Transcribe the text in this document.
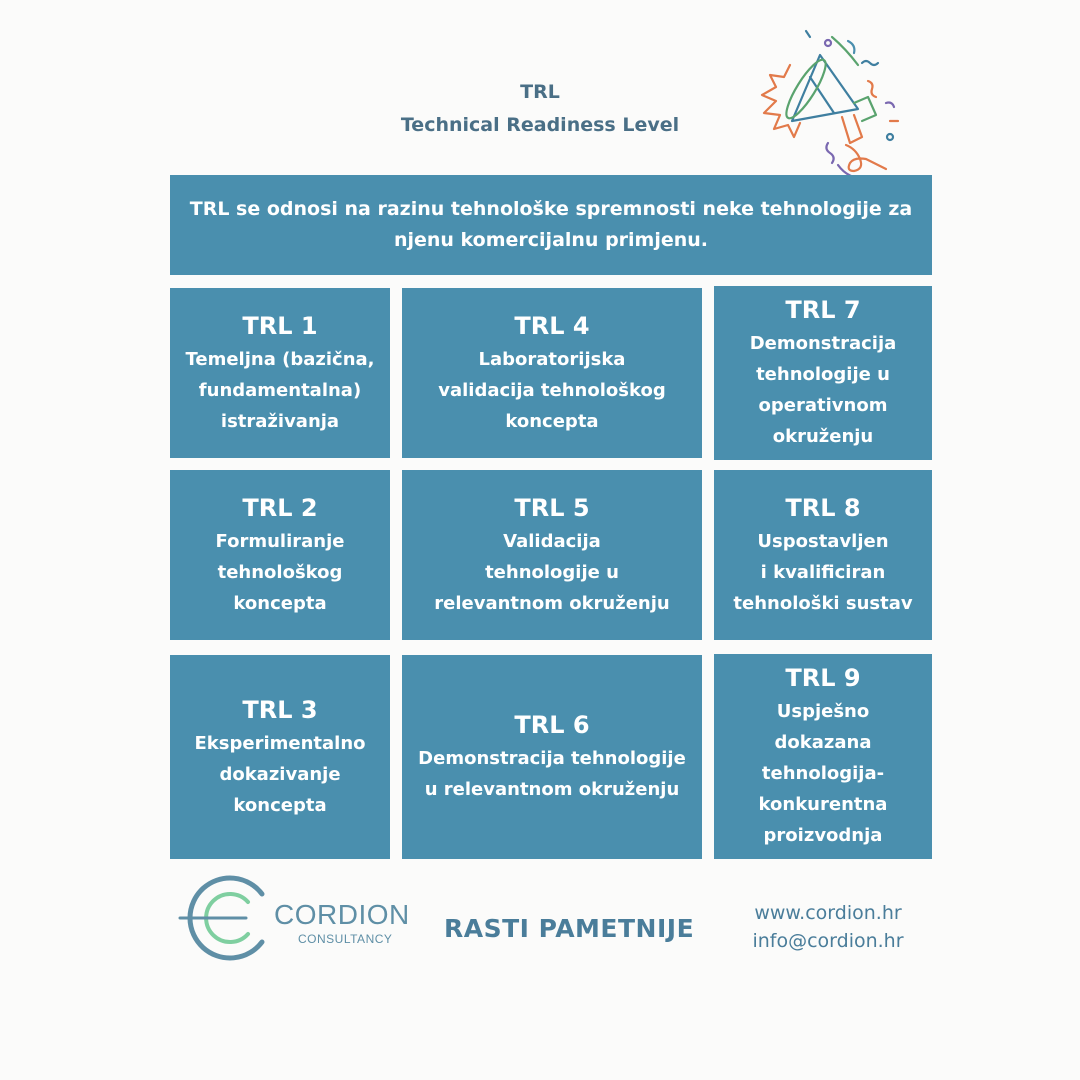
TRL
Technical Readiness Level
TRL se odnosi na razinu tehnološke spremnosti neke tehnologije za njenu komercijalnu primjenu.
TRL 1
Temeljna (bazična,
fundamentalna)
istraživanja
TRL 2
Formuliranje
tehnološkog
koncepta
TRL 3
Eksperimentalno
dokazivanje
koncepta
TRL 4
Laboratorijska
validacija tehnološkog
koncepta
TRL 5
Validacija
tehnologije u
relevantnom okruženju
TRL 6
Demonstracija tehnologije
u relevantnom okruženju
TRL 7
Demonstracija
tehnologije u
operativnom
okruženju
TRL 8
Uspostavljen
i kvalificiran
tehnološki sustav
TRL 9
Uspješno
dokazana
tehnologija-
konkurentna
proizvodnja
CORDION
CONSULTANCY RASTI PAMETNIJE
www.cordion.hr
info@cordion.hr
